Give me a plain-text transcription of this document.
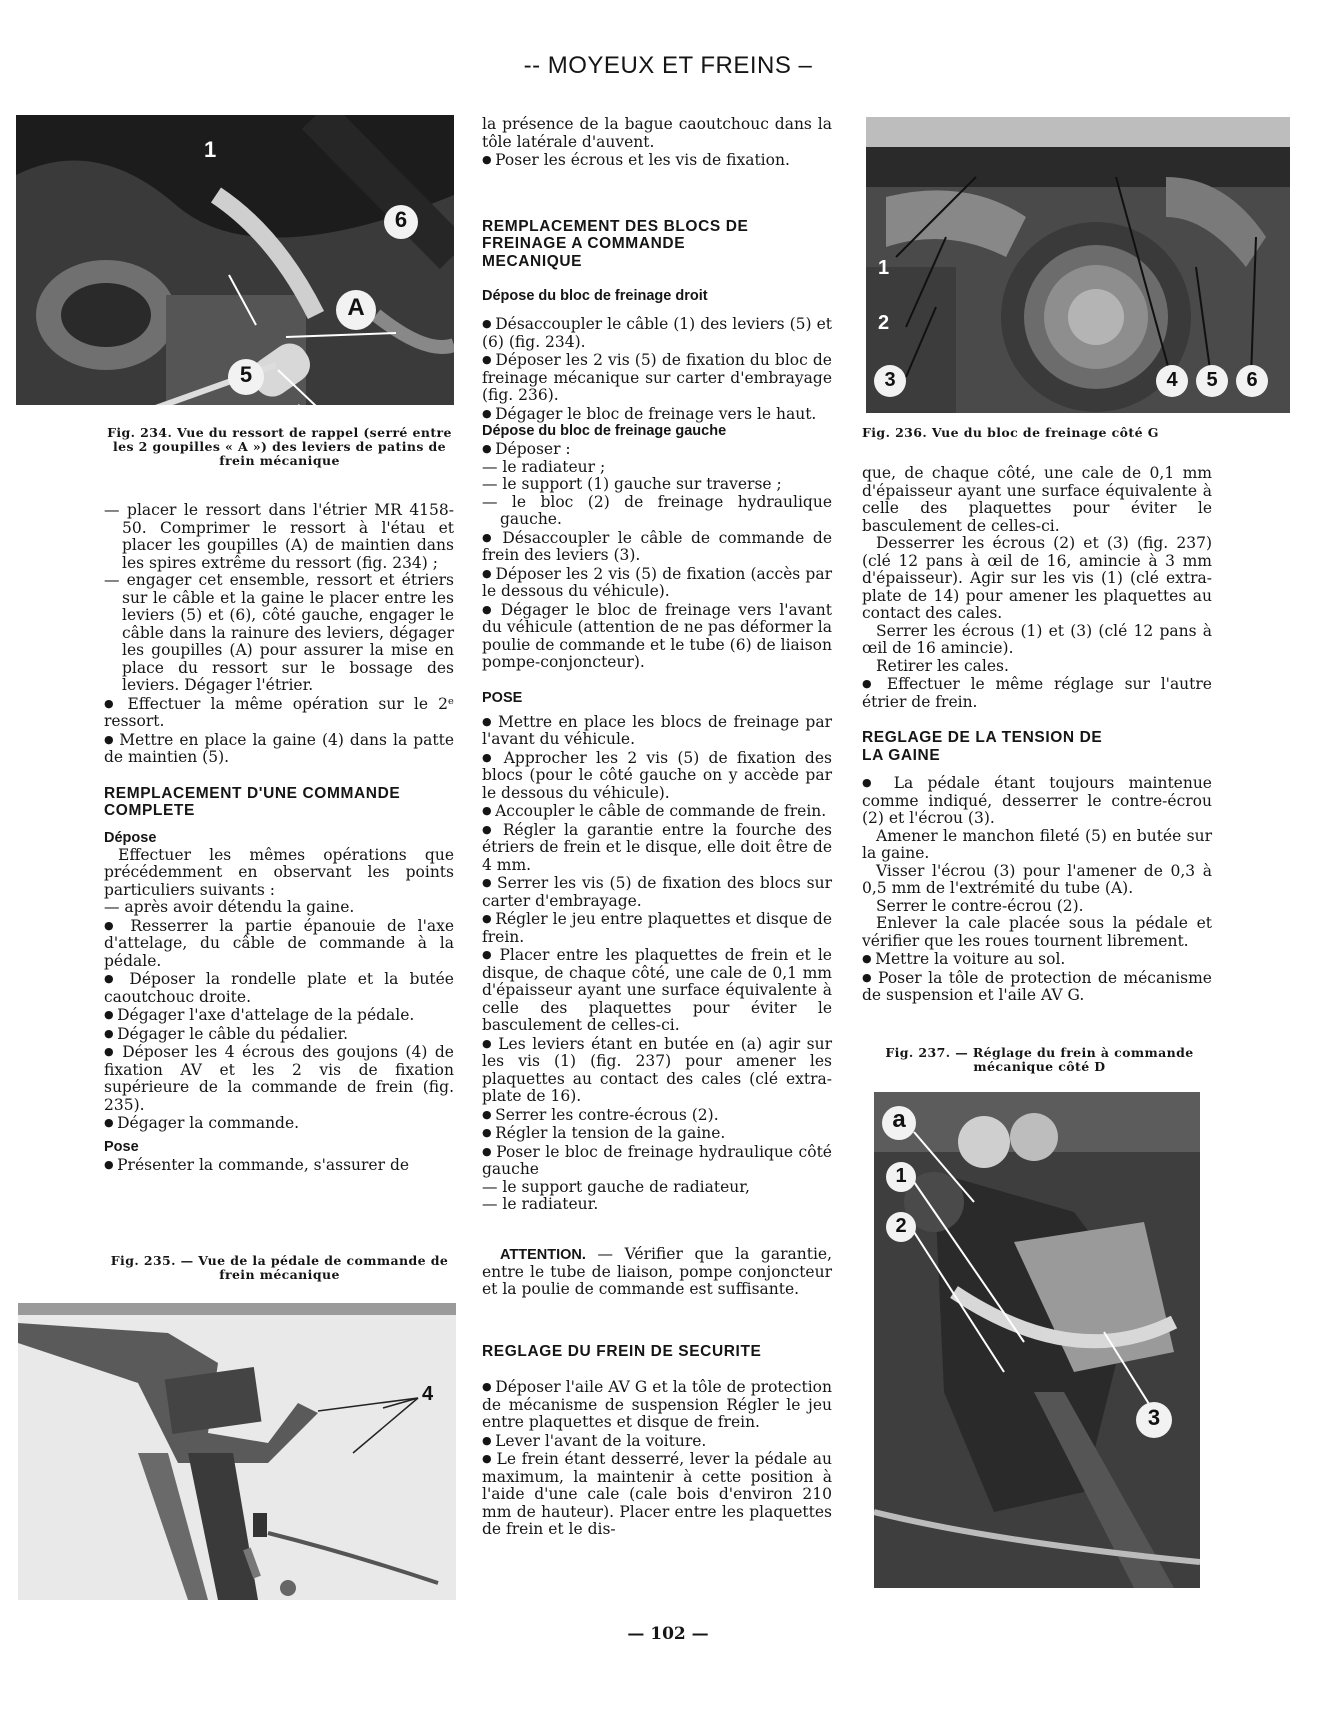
-- MOYEUX ET FREINS –
1
6
A
5
Fig. 234. Vue du ressort de rappel (serré entre les 2 goupilles « A ») des leviers de patins de frein mécanique

— placer le ressort dans l'étrier MR 4158-50. Comprimer le ressort à l'étau et placer les goupilles (A) de maintien dans les spires extrême du ressort (fig. 234) ;

— engager cet ensemble, ressort et étriers sur le câble et la gaine le placer entre les leviers (5) et (6), côté gauche, engager le câble dans la rainure des leviers, dégager les goupilles (A) pour assurer la mise en place du ressort sur le bossage des leviers. Dégager l'étrier.

● Effectuer la même opération sur le 2ᵉ ressort.

● Mettre en place la gaine (4) dans la patte de maintien (5).

REMPLACEMENT D'UNE COMMANDE COMPLETE

Dépose

Effectuer les mêmes opérations que précédemment en observant les points particuliers suivants :

— après avoir détendu la gaine.

● Resserrer la partie épanouie de l'axe d'attelage, du câble de commande à la pédale.

● Déposer la rondelle plate et la butée caoutchouc droite.

● Dégager l'axe d'attelage de la pédale.

● Dégager le câble du pédalier.

● Déposer les 4 écrous des goujons (4) de fixation AV et les 2 vis de fixation supérieure de la commande de frein (fig. 235).

● Dégager la commande.

Pose

● Présenter la commande, s'assurer de

Fig. 235. — Vue de la pédale de commande de frein mécanique
4

la présence de la bague caoutchouc dans la tôle latérale d'auvent.

● Poser les écrous et les vis de fixation.

REMPLACEMENT DES BLOCS DE FREINAGE A COMMANDE MECANIQUE

Dépose du bloc de freinage droit

● Désaccoupler le câble (1) des leviers (5) et (6) (fig. 234).

● Déposer les 2 vis (5) de fixation du bloc de freinage mécanique sur carter d'embrayage (fig. 236).

● Dégager le bloc de freinage vers le haut.

Dépose du bloc de freinage gauche

● Déposer :

— le radiateur ;

— le support (1) gauche sur traverse ;

— le bloc (2) de freinage hydraulique gauche.

● Désaccoupler le câble de commande de frein des leviers (3).

● Déposer les 2 vis (5) de fixation (accès par le dessous du véhicule).

● Dégager le bloc de freinage vers l'avant du véhicule (attention de ne pas déformer la poulie de commande et le tube (6) de liaison pompe-conjoncteur).

POSE

● Mettre en place les blocs de freinage par l'avant du véhicule.

● Approcher les 2 vis (5) de fixation des blocs (pour le côté gauche on y accède par le dessous du véhicule).

● Accoupler le câble de commande de frein.

● Régler la garantie entre la fourche des étriers de frein et le disque, elle doit être de 4 mm.

● Serrer les vis (5) de fixation des blocs sur carter d'embrayage.

● Régler le jeu entre plaquettes et disque de frein.

● Placer entre les plaquettes de frein et le disque, de chaque côté, une cale de 0,1 mm d'épaisseur ayant une surface équivalente à celle des plaquettes pour éviter le basculement de celles-ci.

● Les leviers étant en butée en (a) agir sur les vis (1) (fig. 237) pour amener les plaquettes au contact des cales (clé extra-plate de 16).

● Serrer les contre-écrous (2).

● Régler la tension de la gaine.

● Poser le bloc de freinage hydraulique côté gauche

— le support gauche de radiateur,

— le radiateur.

ATTENTION. — Vérifier que la garantie, entre le tube de liaison, pompe conjoncteur et la poulie de commande est suffisante.

REGLAGE DU FREIN DE SECURITE

● Déposer l'aile AV G et la tôle de protection de mécanisme de suspension Régler le jeu entre plaquettes et disque de frein.

● Lever l'avant de la voiture.

● Le frein étant desserré, lever la pédale au maximum, la maintenir à cette position à l'aide d'une cale (cale bois d'environ 210 mm de hauteur). Placer entre les plaquettes de frein et le dis-

1
2
3	4	5	6
Fig. 236. Vue du bloc de freinage côté G

que, de chaque côté, une cale de 0,1 mm d'épaisseur ayant une surface équivalente à celle des plaquettes pour éviter le basculement de celles-ci.

Desserrer les écrous (2) et (3) (fig. 237) (clé 12 pans à œil de 16, amincie à 3 mm d'épaisseur). Agir sur les vis (1) (clé extra-plate de 14) pour amener les plaquettes au contact des cales.

Serrer les écrous (1) et (3) (clé 12 pans à œil de 16 amincie).

Retirer les cales.

● Effectuer le même réglage sur l'autre étrier de frein.

REGLAGE DE LA TENSION DE LA GAINE

● La pédale étant toujours maintenue comme indiqué, desserrer le contre-écrou (2) et l'écrou (3).

Amener le manchon fileté (5) en butée sur la gaine.

Visser l'écrou (3) pour l'amener de 0,3 à 0,5 mm de l'extrémité du tube (A).

Serrer le contre-écrou (2).

Enlever la cale placée sous la pédale et vérifier que les roues tournent librement.

● Mettre la voiture au sol.

● Poser la tôle de protection de mécanisme de suspension et l'aile AV G.

Fig. 237. — Réglage du frein à commande mécanique côté D
a
1
2
3
— 102 —
